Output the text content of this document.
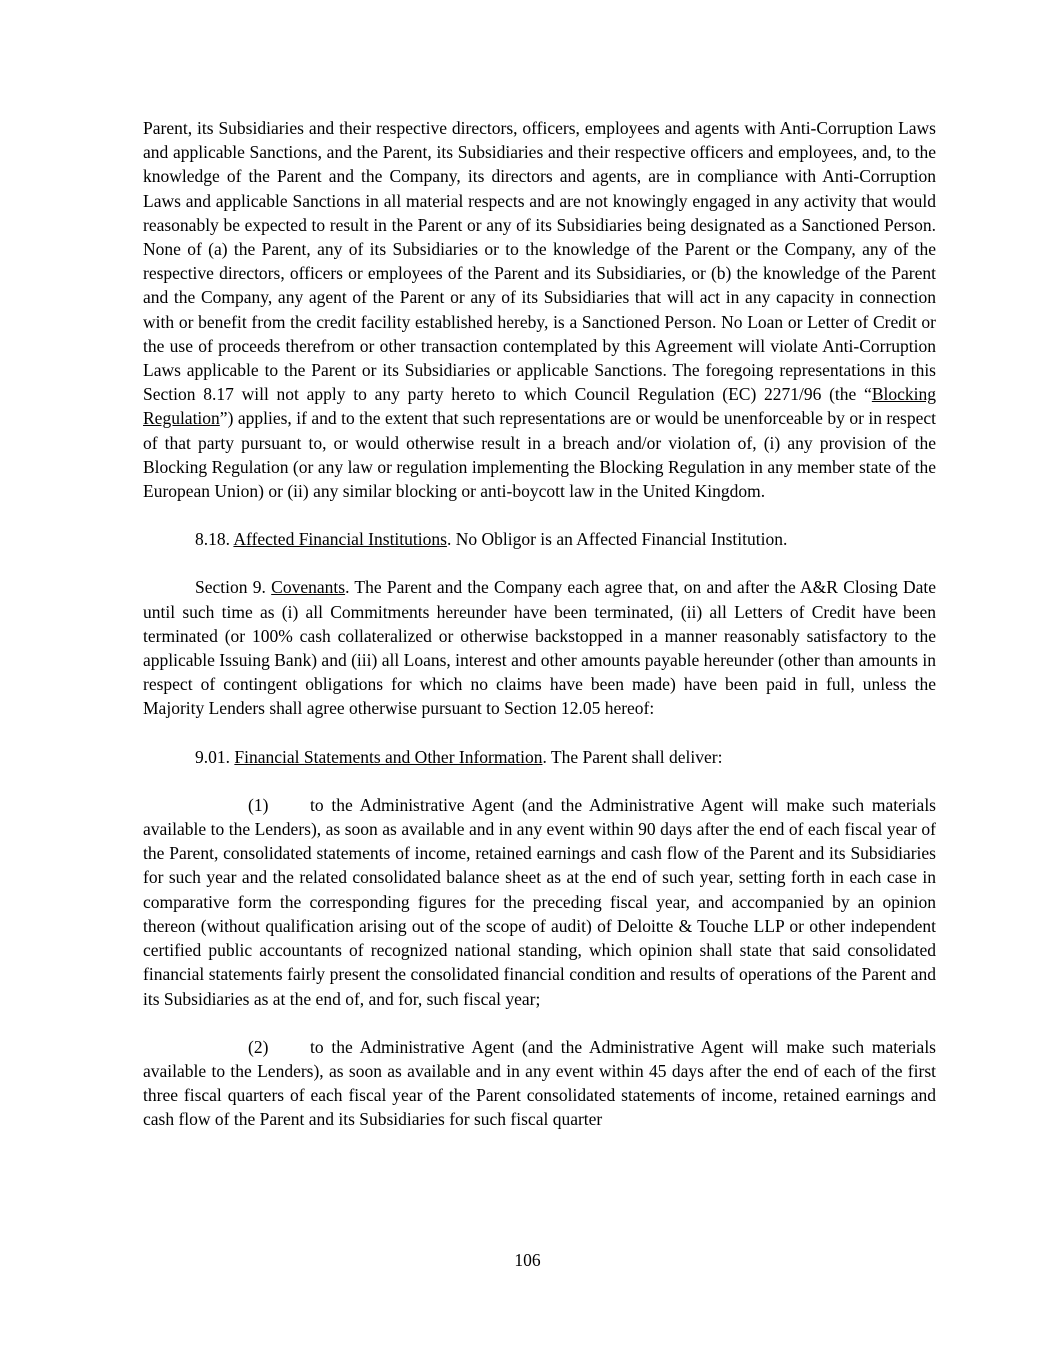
Parent, its Subsidiaries and their respective directors, officers, employees and agents with Anti-Corruption Laws and applicable Sanctions, and the Parent, its Subsidiaries and their respective officers and employees, and, to the knowledge of the Parent and the Company, its directors and agents, are in compliance with Anti-Corruption Laws and applicable Sanctions in all material respects and are not knowingly engaged in any activity that would reasonably be expected to result in the Parent or any of its Subsidiaries being designated as a Sanctioned Person. None of (a) the Parent, any of its Subsidiaries or to the knowledge of the Parent or the Company, any of the respective directors, officers or employees of the Parent and its Subsidiaries, or (b) the knowledge of the Parent and the Company, any agent of the Parent or any of its Subsidiaries that will act in any capacity in connection with or benefit from the credit facility established hereby, is a Sanctioned Person. No Loan or Letter of Credit or the use of proceeds therefrom or other transaction contemplated by this Agreement will violate Anti-Corruption Laws applicable to the Parent or its Subsidiaries or applicable Sanctions. The foregoing representations in this Section 8.17 will not apply to any party hereto to which Council Regulation (EC) 2271/96 (the “Blocking Regulation”) applies, if and to the extent that such representations are or would be unenforceable by or in respect of that party pursuant to, or would otherwise result in a breach and/or violation of, (i) any provision of the Blocking Regulation (or any law or regulation implementing the Blocking Regulation in any member state of the European Union) or (ii) any similar blocking or anti-boycott law in the United Kingdom.

8.18. Affected Financial Institutions. No Obligor is an Affected Financial Institution.

Section 9. Covenants. The Parent and the Company each agree that, on and after the A&R Closing Date until such time as (i) all Commitments hereunder have been terminated, (ii) all Letters of Credit have been terminated (or 100% cash collateralized or otherwise backstopped in a manner reasonably satisfactory to the applicable Issuing Bank) and (iii) all Loans, interest and other amounts payable hereunder (other than amounts in respect of contingent obligations for which no claims have been made) have been paid in full, unless the Majority Lenders shall agree otherwise pursuant to Section 12.05 hereof:

9.01. Financial Statements and Other Information. The Parent shall deliver:

(1) to the Administrative Agent (and the Administrative Agent will make such materials available to the Lenders), as soon as available and in any event within 90 days after the end of each fiscal year of the Parent, consolidated statements of income, retained earnings and cash flow of the Parent and its Subsidiaries for such year and the related consolidated balance sheet as at the end of such year, setting forth in each case in comparative form the corresponding figures for the preceding fiscal year, and accompanied by an opinion thereon (without qualification arising out of the scope of audit) of Deloitte & Touche LLP or other independent certified public accountants of recognized national standing, which opinion shall state that said consolidated financial statements fairly present the consolidated financial condition and results of operations of the Parent and its Subsidiaries as at the end of, and for, such fiscal year;

(2) to the Administrative Agent (and the Administrative Agent will make such materials available to the Lenders), as soon as available and in any event within 45 days after the end of each of the first three fiscal quarters of each fiscal year of the Parent consolidated statements of income, retained earnings and cash flow of the Parent and its Subsidiaries for such fiscal quarter

106
